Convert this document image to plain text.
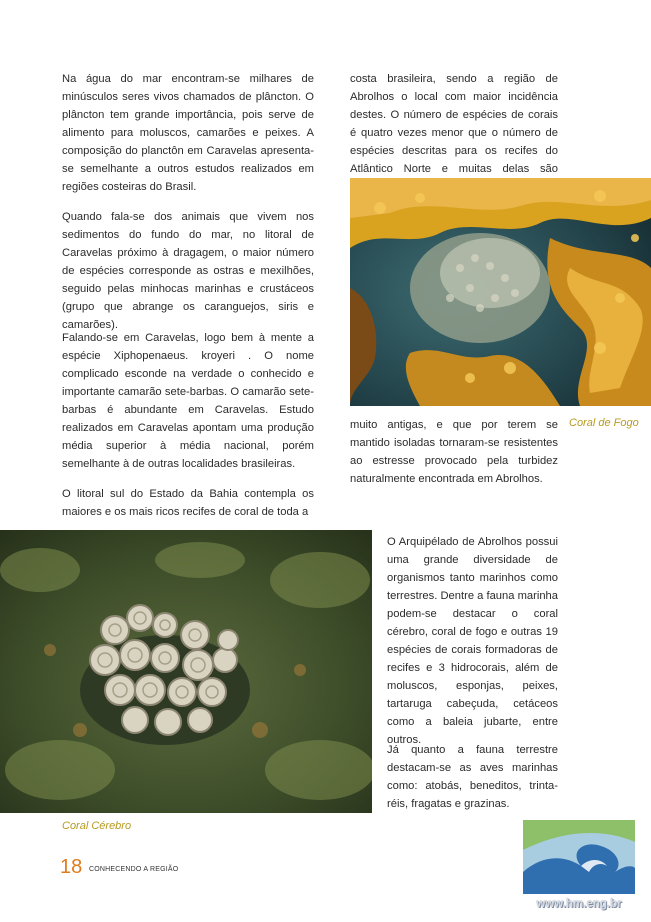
Na água do mar encontram-se milhares de minúsculos seres vivos chamados de plâncton. O plâncton tem grande importância, pois serve de alimento para moluscos, camarões e peixes. A composição do planctôn em Caravelas apresenta-se semelhante a outros estudos realizados em regiões costeiras do Brasil.

Quando fala-se dos animais que vivem nos sedimentos do fundo do mar, no litoral de Caravelas próximo à dragagem, o maior número de espécies corresponde as ostras e mexilhões, seguido pelas minhocas marinhas e crustáceos (grupo que abrange os caranguejos, siris e camarões).

Falando-se em Caravelas, logo bem à mente a espécie Xiphopenaeus. kroyeri . O nome complicado esconde na verdade o conhecido e importante camarão sete-barbas. O camarão sete-barbas é abundante em Caravelas. Estudo realizados em Caravelas apontam uma produção média superior à média nacional, porém semelhante à de outras localidades brasileiras.

O litoral sul do Estado da Bahia contempla os maiores e os mais ricos recifes de coral de toda a

costa brasileira, sendo a região de Abrolhos o local com maior incidência destes. O número de espécies de corais é quatro vezes menor que o número de espécies descritas para os recifes do Atlântico Norte e muitas delas são

muito antigas, e que por terem se mantido isoladas tornaram-se resistentes ao estresse provocado pela turbidez naturalmente encontrada em Abrolhos.

Coral de Fogo

Coral Cérebro

O Arquipélado de Abrolhos possui uma grande diversidade de organismos tanto marinhos como terrestres. Dentre a fauna marinha podem-se destacar o coral cérebro, coral de fogo e outras 19 espécies de corais formadoras de recifes e 3 hidrocorais, além de moluscos, esponjas, peixes, tartaruga cabeçuda, cetáceos como a baleia jubarte, entre outros.

Já quanto a fauna terrestre destacam-se as aves marinhas como: atobás, beneditos, trinta-réis, fragatas e grazinas.

18 CONHECENDO A REGIÃO
www.hm.eng.br
